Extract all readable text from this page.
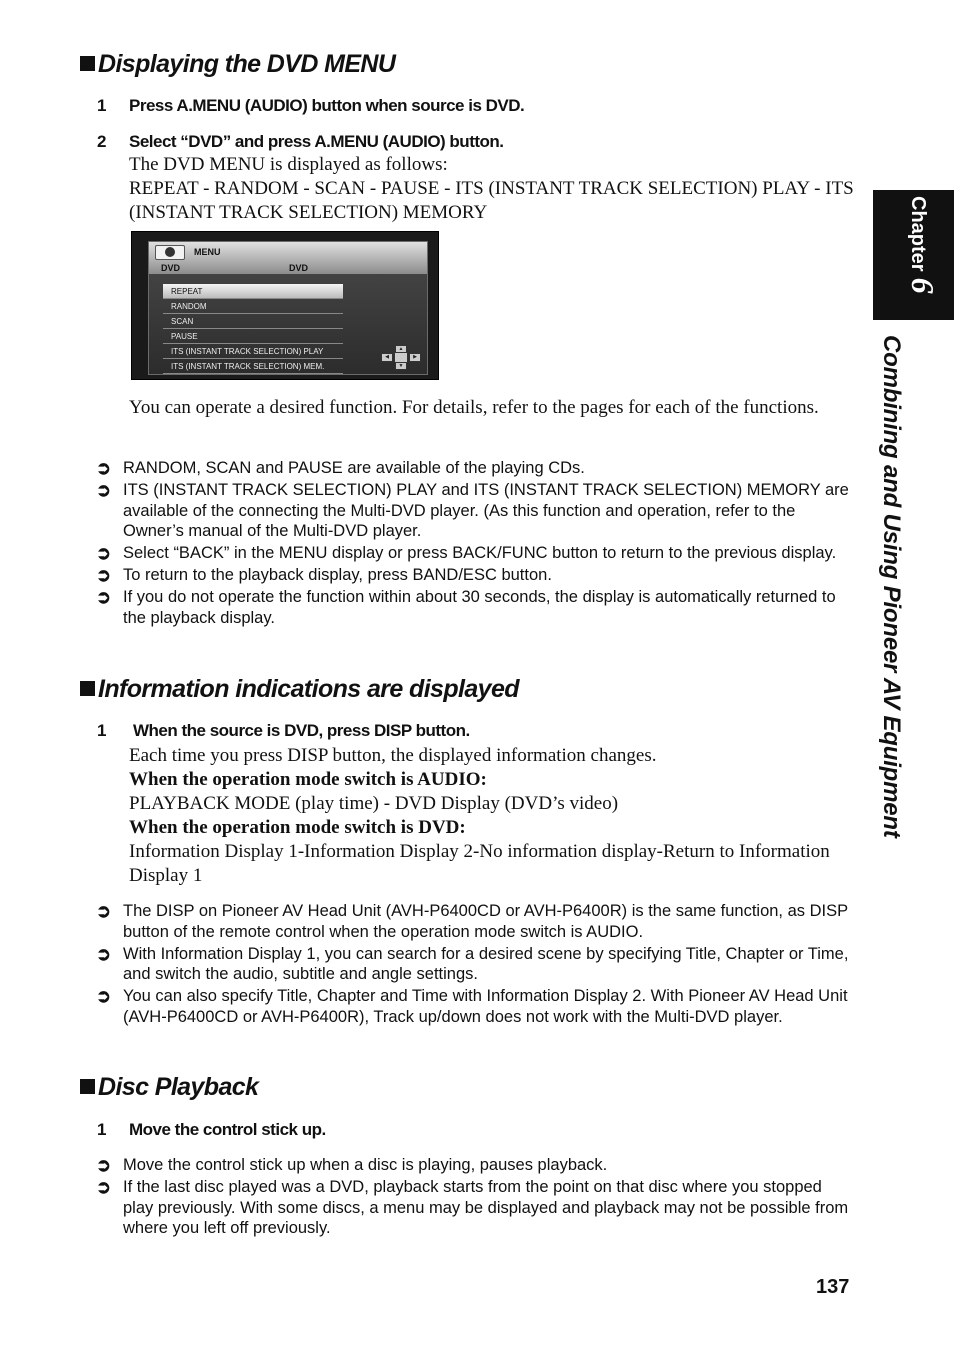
Displaying the DVD MENU
1 Press A.MENU (AUDIO) button when source is DVD.
2 Select “DVD” and press A.MENU (AUDIO) button.

The DVD MENU is displayed as follows:

REPEAT - RANDOM - SCAN - PAUSE - ITS (INSTANT TRACK SELECTION) PLAY - ITS (INSTANT TRACK SELECTION) MEMORY

MENU
DVD	DVD
REPEAT
RANDOM
SCAN
PAUSE
ITS (INSTANT TRACK SELECTION) PLAY
ITS (INSTANT TRACK SELECTION) MEM.
▲
◀	▶
▼

You can operate a desired function. For details, refer to the pages for each of the functions.

➲ RANDOM, SCAN and PAUSE are available of the playing CDs.
➲ ITS (INSTANT TRACK SELECTION) PLAY and ITS (INSTANT TRACK SELECTION) MEMORY are available of the connecting the Multi-DVD player. (As this function and operation, refer to the Owner’s manual of the Multi-DVD player.
➲ Select “BACK” in the MENU display or press BACK/FUNC button to return to the previous display.
➲ To return to the playback display, press BAND/ESC button.
➲ If you do not operate the function within about 30 seconds, the display is automatically returned to the playback display.
Information indications are displayed
1 When the source is DVD, press DISP button.

Each time you press DISP button, the displayed information changes.

When the operation mode switch is AUDIO:

PLAYBACK MODE (play time) - DVD Display (DVD’s video)

When the operation mode switch is DVD:

Information Display 1-Information Display 2-No information display-Return to Information Display 1

➲ The DISP on Pioneer AV Head Unit (AVH-P6400CD or AVH-P6400R) is the same function, as DISP button of the remote control when the operation mode switch is AUDIO.
➲ With Information Display 1, you can search for a desired scene by specifying Title, Chapter or Time, and switch the audio, subtitle and angle settings.
➲ You can also specify Title, Chapter and Time with Information Display 2. With Pioneer AV Head Unit (AVH-P6400CD or AVH-P6400R), Track up/down does not work with the Multi-DVD player.
Disc Playback
1 Move the control stick up.
➲ Move the control stick up when a disc is playing, pauses playback.
➲ If the last disc played was a DVD, playback starts from the point on that disc where you stopped play previously. With some discs, a menu may be displayed and playback may not be possible from where you left off previously.
Chapter6
Combining and Using Pioneer AV Equipment
137
